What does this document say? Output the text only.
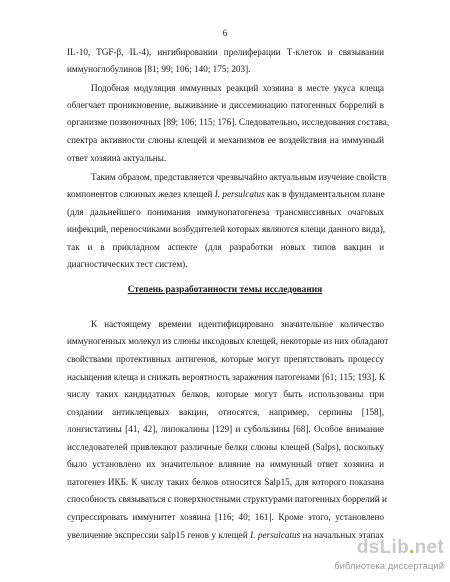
6
IL-10, TGF-β, IL-4), ингибировании пролиферации Т-клеток и связывании
иммуноглобулинов [81; 99; 106; 140; 175; 203].
Подобная модуляция иммунных реакций хозяина в месте укуса клеща
облегчает проникновение, выживание и диссеминацию патогенных боррелий в
организме позвоночных [89; 106; 115; 176]. Следовательно, исследования состава,
спектра активности слюны клещей и механизмов ее воздействия на иммунный
ответ хозяина актуальны.
Таким образом, представляется чрезвычайно актуальным изучение свойств
компонентов слюнных желез клещей I. persulcatus как в фундаментальном плане
(для дальнейшего понимания иммунопатогенеза трансмиссивных очаговых
инфекций, переносчиками возбудителей которых являются клещи данного вида),
так и в прикладном аспекте (для разработки новых типов вакцин и
диагностических тест систем).
Степень разработанности темы исследования
К настоящему времени идентифицировано значительное количество
иммуногенных молекул из слюны иксодовых клещей, некоторые из них обладают
свойствами протективных антигенов, которые могут препятствовать процессу
насыщения клеща и снижать вероятность заражения патогенами [61; 115; 193]. К
числу таких кандидатных белков, которые могут быть использованы при
создании антиклещевых вакцин, относятся, например, серпины [158],
лонгистатины [41, 42], липокалины [129] и субользины [68]. Особое внимание
исследователей привлекают различные белки слюны клещей (Salps), поскольку
было установлено их значительное влияние на иммунный ответ хозяина и
патогенез ИКБ. К числу таких белков относится Salp15, для которого показана
способность связываться с поверхностными структурами патогенных боррелий и
супрессировать иммунитет хозяина [116; 40; 161]. Кроме этого, установлено
увеличение экспрессии salp15 генов у клещей I. persulcatus на начальных этапах
dsLib.net
библиотека диссертаций
